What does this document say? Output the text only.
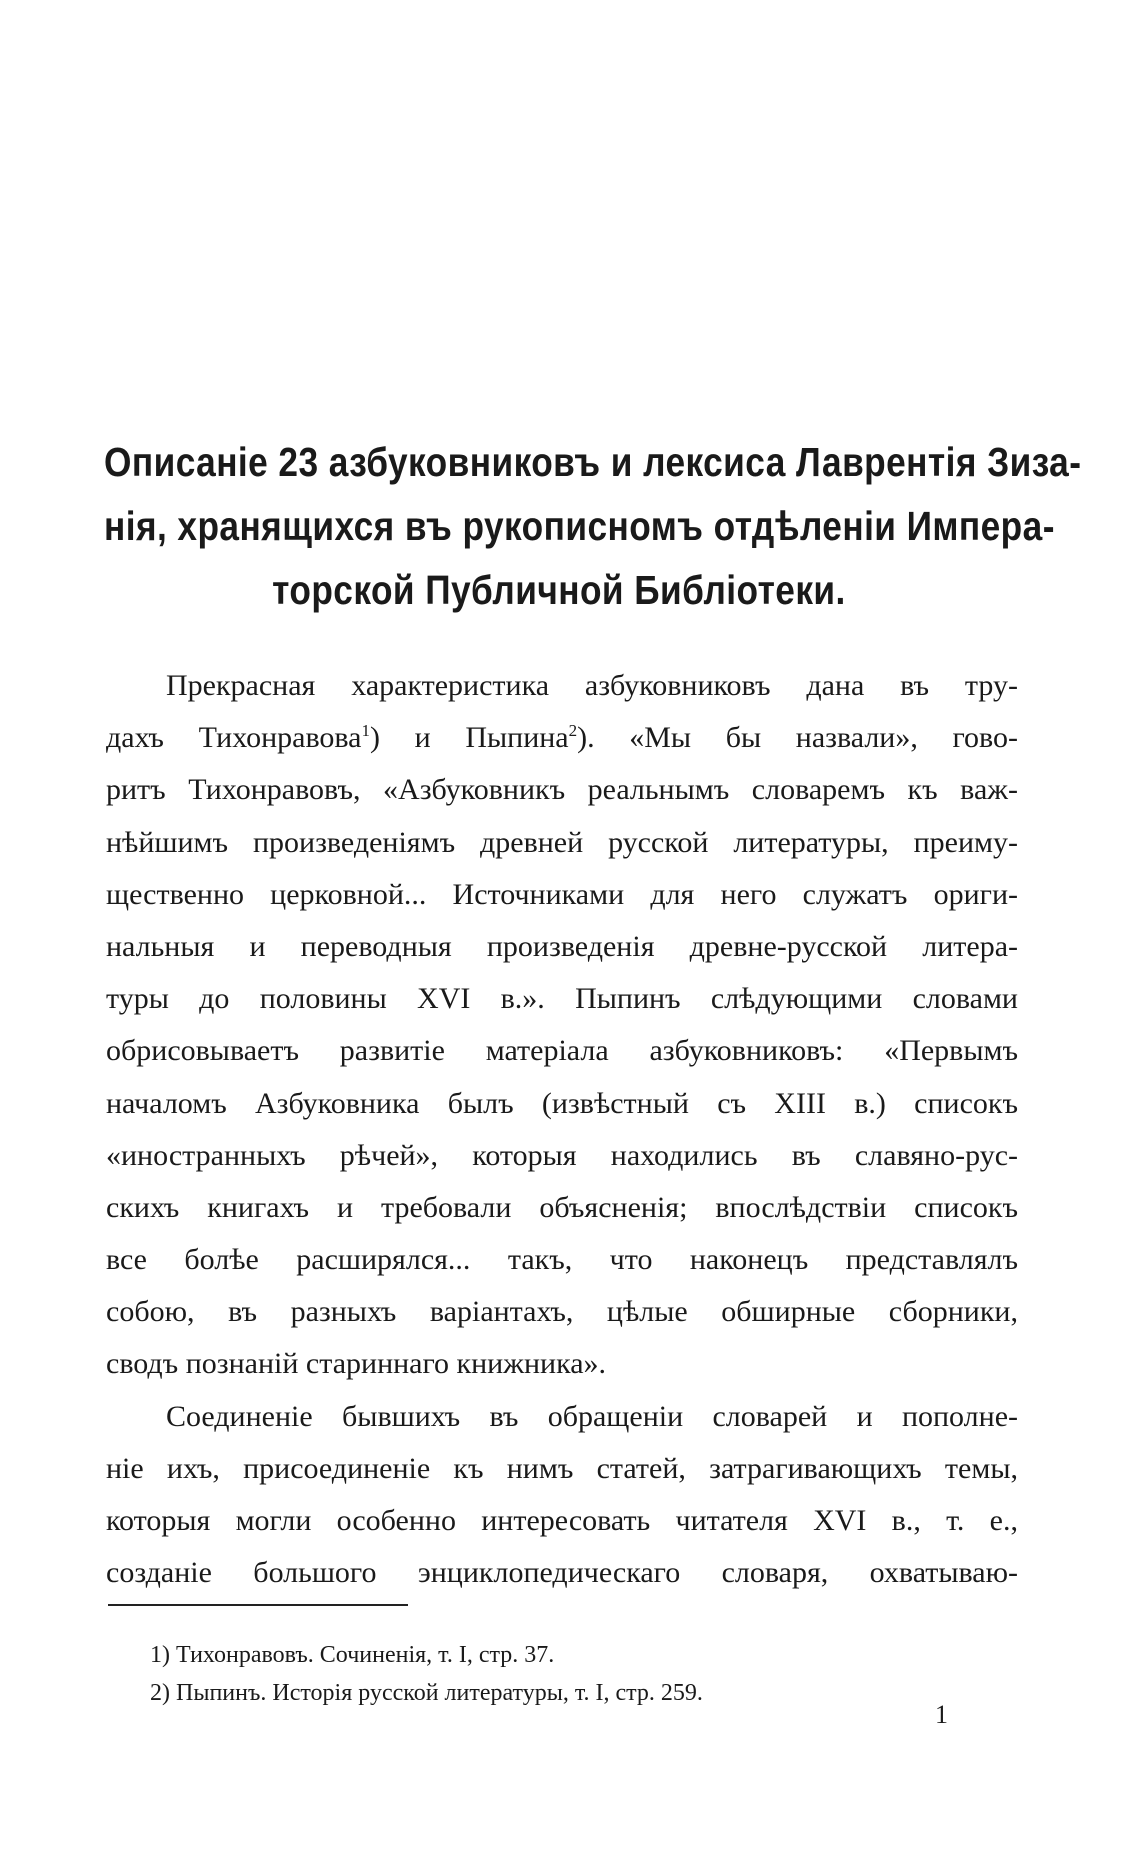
Описаніе 23 азбуковниковъ и лексиса Лаврентія Зиза-
нія, хранящихся въ рукописномъ отдѣленіи Импера-
торской Публичной Библіотеки.
Прекрасная характеристика азбуковниковъ дана въ тру-
дахъ Тихонравова$^1$) и Пыпина$^2$). «Мы бы назвали», гово-
ритъ Тихонравовъ, «Азбуковникъ реальнымъ словаремъ къ важ-
нѣйшимъ произведеніямъ древней русской литературы, преиму-
щественно церковной... Источниками для него служатъ ориги-
нальныя и переводныя произведенія древне-русской литера-
туры до половины XVI в.». Пыпинъ слѣдующими словами
обрисовываетъ развитіе матеріала азбуковниковъ: «Первымъ
началомъ Азбуковника былъ (извѣстный съ XIII в.) списокъ
«иностранныхъ рѣчей», которыя находились въ славяно-рус-
скихъ книгахъ и требовали объясненія; впослѣдствіи списокъ
все болѣе расширялся... такъ, что наконецъ представлялъ
собою, въ разныхъ варіантахъ, цѣлые обширные сборники,
сводъ познаній стариннаго книжника».
Соединеніе бывшихъ въ обращеніи словарей и пополне-
ніе ихъ, присоединеніе къ нимъ статей, затрагивающихъ темы,
которыя могли особенно интересовать читателя XVI в., т. е.,
созданіе большого энциклопедическаго словаря, охватываю-
1) Тихонравовъ. Сочиненія, т. I, стр. 37.
2) Пыпинъ. Исторія русской литературы, т. I, стр. 259.
1
